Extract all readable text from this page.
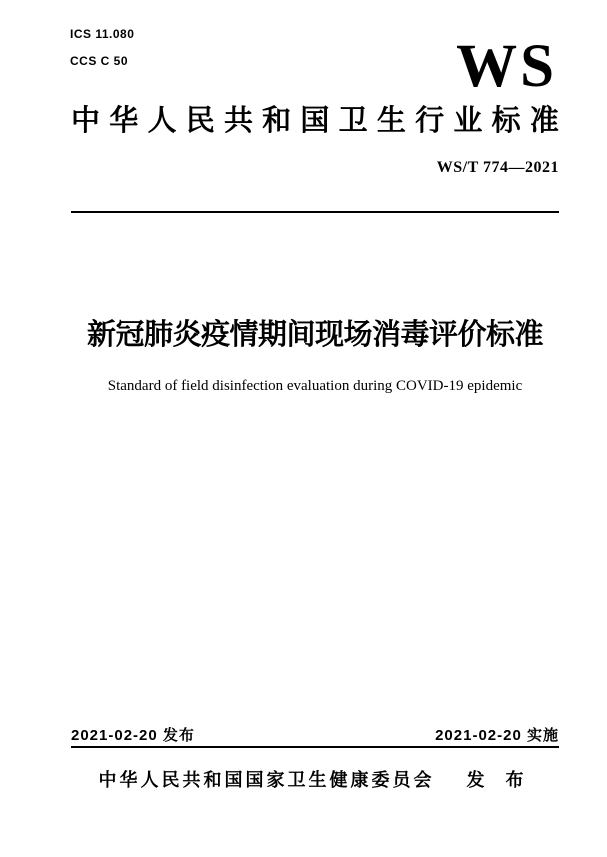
ICS 11.080
CCS C 50	WS
中 华 人 民 共 和 国 卫 生 行 业 标 准
WS/T 774—2021
新冠肺炎疫情期间现场消毒评价标准

Standard of field disinfection evaluation during COVID-19 epidemic

2021-02-20 发布	2021-02-20 实施
中华人民共和国国家卫生健康委员会 发 布
